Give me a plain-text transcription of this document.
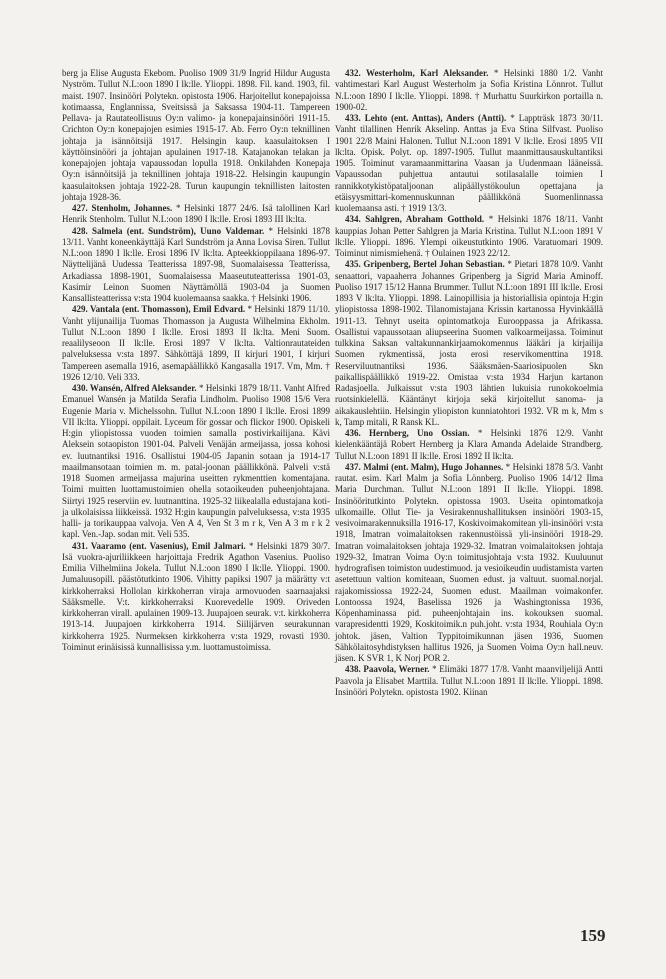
berg ja Elise Augusta Ekebom. Puoliso 1909 31/9 Ingrid Hildur Augusta Nyström. Tullut N.L:oon 1890 I lk:lle. Ylioppi. 1898. Fil. kand. 1903, fil. maist. 1907. Insinööri Polytekn. opistosta 1906. Harjoitellut konepajoissa kotimaassa, Englannissa, Sveitsissä ja Saksassa 1904-11. Tampereen Pellava- ja Rautateollisuus Oy:n valimo- ja konepajainsinööri 1911-15. Crichton Oy:n konepajojen esimies 1915-17. Ab. Ferro Oy:n teknillinen johtaja ja isännöitsijä 1917. Helsingin kaup. kaasulaitoksen I käyttöinsinööri ja johtajan apulainen 1917-18. Katajanokan telakan ja konepajojen johtaja vapaussodan lopulla 1918. Onkilahden Konepaja Oy:n isännöitsijä ja teknillinen johtaja 1918-22. Helsingin kaupungin kaasulaitoksen johtaja 1922-28. Turun kaupungin teknillisten laitosten johtaja 1928-36.

427. Stenholm, Johannes. * Helsinki 1877 24/6. Isä talollinen Karl Henrik Stenholm. Tullut N.L:oon 1890 I lk:lle. Erosi 1893 III lk:lta.

428. Salmela (ent. Sundström), Uuno Valdemar. * Helsinki 1878 13/11. Vanht koneenkäyttäjä Karl Sundström ja Anna Lovisa Siren. Tullut N.L:oon 1890 I lk:lle. Erosi 1896 IV lk:lta. Apteekkioppilaana 1896-97. Näyttelijänä Uudessa Teatterissa 1897-98, Suomalaisessa Teatterissa, Arkadiassa 1898-1901, Suomalaisessa Maaseututeatterissa 1901-03, Kasimir Leinon Suomen Näyttämöllä 1903-04 ja Suomen Kansallisteatterissa v:sta 1904 kuolemaansa saakka. † Helsinki 1906.

429. Vantala (ent. Thomasson), Emil Edvard. * Helsinki 1879 11/10. Vanht ylijunailija Tuomas Thomasson ja Augusta Wilhelmina Ekholm. Tullut N.L:oon 1890 I lk:lle. Erosi 1893 II lk:lta. Meni Suom. reaalilyseoon II lk:lle. Erosi 1897 V lk:lta. Valtionrautateiden palveluksessa v:sta 1897. Sähköttäjä 1899, II kirjuri 1901, I kirjuri Tampereen asemalla 1916, asemapäällikkö Kangasalla 1917. Vm, Mm. † 1926 12/10. Veli 333.

430. Wansén, Alfred Aleksander. * Helsinki 1879 18/11. Vanht Alfred Emanuel Wansén ja Matilda Serafia Lindholm. Puoliso 1908 15/6 Vera Eugenie Maria v. Michelssohn. Tullut N.L:oon 1890 I lk:lle. Erosi 1899 VII lk:lta. Ylioppi. oppilait. Lyceum för gossar och flickor 1900. Opiskeli H:gin yliopistossa vuoden toimien samalla postivirkailijana. Kävi Aleksein sotaopiston 1901-04. Palveli Venäjän armeijassa, jossa kohosi ev. luutnantiksi 1916. Osallistui 1904-05 Japanin sotaan ja 1914-17 maailmansotaan toimien m. m. patal-joonan päällikkönä. Palveli v:stä 1918 Suomen armeijassa majurina useitten rykmenttien komentajana. Toimi muitten luottamustoimien ohella sotaoikeuden puheenjohtajana. Siirtyi 1925 reserviin ev. luutnanttina. 1925-32 liikealalla edustajana koti- ja ulkolaisissa liikkeissä. 1932 H:gin kaupungin palveluksessa, v:sta 1935 halli- ja torikauppaa valvoja. Ven A 4, Ven St 3 m r k, Ven A 3 m r k 2 kapl. Ven.-Jap. sodan mit. Veli 535.

431. Vaaramo (ent. Vasenius), Emil Jalmari. * Helsinki 1879 30/7. Isä vuokra-ajuriliikkeen harjoittaja Fredrik Agathon Vasenius. Puoliso Emilia Vilhelmiina Jokela. Tullut N.L:oon 1890 I lk:lle. Ylioppi. 1900. Jumaluusopill. päästötutkinto 1906. Vihitty papiksi 1907 ja määrätty v:t kirkkoherraksi Hollolan kirkkoherran viraja armovuoden saarnaajaksi Sääksmelle. V:t. kirkkoherraksi Kuorevedelle 1909. Oriveden kirkkoherran virall. apulainen 1909-13. Juupajoen seurak. v:t. kirkkoherra 1913-14. Juupajoen kirkkoherra 1914. Siilijärven seurakunnan kirkkoherra 1925. Nurmeksen kirkkoherra v:sta 1929, rovasti 1930. Toiminut erinäisissä kunnallisissa y.m. luottamustoimissa.

432. Westerholm, Karl Aleksander. * Helsinki 1880 1/2. Vanht vahtimestari Karl August Westerholm ja Sofia Kristina Lönnrot. Tullut N.L:oon 1890 I lk:lle. Ylioppi. 1898. † Murhattu Suurkirkon portailla n. 1900-02.

433. Lehto (ent. Anttas), Anders (Antti). * Lappträsk 1873 30/11. Vanht tilallinen Henrik Akselinp. Anttas ja Eva Stina Silfvast. Puoliso 1901 22/8 Maini Halonen. Tullut N.L:oon 1891 V lk:lle. Erosi 1895 VII lk:lta. Opisk. Polyt. op. 1897-1905. Tullut maanmittausauskultantiksi 1905. Toiminut varamaanmittarina Vaasan ja Uudenmaan lääneissä. Vapaussodan puhjettua antautui sotilasalalle toimien I rannikkotykistöpataljoonan alipäällystökoulun opettajana ja etäisyysmittari-komennuskunnan päällikkönä Suomenlinnassa kuolemaansa asti. † 1919 13/3.

434. Sahlgren, Abraham Gotthold. * Helsinki 1876 18/11. Vanht kauppias Johan Petter Sahlgren ja Maria Kristina. Tullut N.L:oon 1891 V lk:lle. Ylioppi. 1896. Ylempi oikeustutkinto 1906. Varatuomari 1909. Toiminut nimismiehenä. † Oulainen 1923 22/12.

435. Gripenberg, Bertel Johan Sebastian. * Pietari 1878 10/9. Vanht senaattori, vapaaherra Johannes Gripenberg ja Sigrid Maria Aminoff. Puoliso 1917 15/12 Hanna Brummer. Tullut N.L:oon 1891 III lk:lle. Erosi 1893 V lk:lta. Ylioppi. 1898. Lainopillisia ja historiallisia opintoja H:gin yliopistossa 1898-1902. Tilanomistajana Krissin kartanossa Hyvinkäällä 1911-13. Tehnyt useita opintomatkoja Eurooppassa ja Afrikassa. Osallistui vapaussotaan aliupseerina Suomen valkoarmeijassa. Toiminut tulkkina Saksan valtakunnankirjaamokomennus lääkäri ja kirjailija Suomen rykmentissä, josta erosi reservikomenttina 1918. Reserviluutnantiksi 1936. Sääksmäen-Saariosipuolen Skn paikallispäällikkö 1919-22. Omistaa v:sta 1934 Harjun kartanon Radasjoella. Julkaissut v:sta 1903 lähtien lukuisia runokokoelmia ruotsinkielellä. Kääntänyt kirjoja sekä kirjoitellut sanoma- ja aikakauslehtiin. Helsingin yliopiston kunniatohtori 1932. VR m k, Mm s k, Tamp mitali, R Ransk KL.

436. Hernberg, Uno Ossian. * Helsinki 1876 12/9. Vanht kielenkääntäjä Robert Hernberg ja Klara Amanda Adelaide Strandberg. Tullut N.L:oon 1891 II lk:lle. Erosi 1892 II lk:lta.

437. Malmi (ent. Malm), Hugo Johannes. * Helsinki 1878 5/3. Vanht rautat. esim. Karl Malm ja Sofia Lönnberg. Puoliso 1906 14/12 Ilma Maria Durchman. Tullut N.L:oon 1891 II lk:lle. Ylioppi. 1898. Insinööritutkinto Polytekn. opistossa 1903. Useita opintomatkoja ulkomaille. Ollut Tie- ja Vesirakennushallituksen insinööri 1903-15, vesivoimarakennuksilla 1916-17, Koskivoimakomitean yli-insinööri v:sta 1918, Imatran voimalaitoksen rakennustöissä yli-insinööri 1918-29. Imatran voimalaitoksen johtaja 1929-32. Imatran voimalaitoksen johtaja 1929-32, Imatran Voima Oy:n toimitusjohtaja v:sta 1932. Kuuluunut hydrografisen toimiston uudestimuod. ja vesioikeudin uudistamista varten asetettuun valtion komiteaan, Suomen edust. ja valtuut. suomal.norjal. rajakomissiossa 1922-24, Suomen edust. Maailman voimakonfer. Lontoossa 1924, Baselissa 1926 ja Washingtonissa 1936, Köpenhaminassa pid. puheenjohtajain ins. kokouksen suomal. varapresidentti 1929, Koskitoimik.n puh.joht. v:sta 1934, Rouhiala Oy:n johtok. jäsen, Valtion Typpitoimikunnan jäsen 1936, Suomen Sähkölaitosyhdistyksen hallitus 1926, ja Suomen Voima Oy:n hall.neuv. jäsen. K SVR 1, K Norj POR 2.

438. Paavola, Werner. * Elimäki 1877 17/8. Vanht maanviljelijä Antti Paavola ja Elisabet Marttila. Tullut N.L:oon 1891 II lk:lle. Ylioppi. 1898. Insinööri Polytekn. opistosta 1902. Kiinan

159
